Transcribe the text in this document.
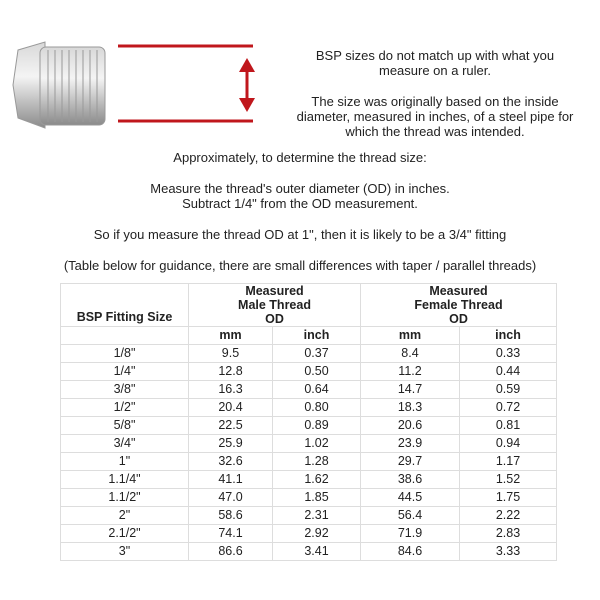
BSP sizes do not match up with what you
measure on a ruler.
The size was originally based on the inside
diameter, measured in inches, of a steel pipe for
which the thread was intended.
Approximately, to determine the thread size:
Measure the thread's outer diameter (OD) in inches.
Subtract 1/4" from the OD measurement.
So if you measure the thread OD at 1", then it is likely to be a 3/4" fitting
(Table below for guidance, there are small differences with taper / parallel threads)
BSP Fitting Size	Measured Male Thread OD		Measured Female Thread OD	
	mm	inch	mm	inch
1/8"	9.5	0.37	8.4	0.33
1/4"	12.8	0.50	11.2	0.44
3/8"	16.3	0.64	14.7	0.59
1/2"	20.4	0.80	18.3	0.72
5/8"	22.5	0.89	20.6	0.81
3/4"	25.9	1.02	23.9	0.94
1"	32.6	1.28	29.7	1.17
1.1/4"	41.1	1.62	38.6	1.52
1.1/2"	47.0	1.85	44.5	1.75
2"	58.6	2.31	56.4	2.22
2.1/2"	74.1	2.92	71.9	2.83
3"	86.6	3.41	84.6	3.33
